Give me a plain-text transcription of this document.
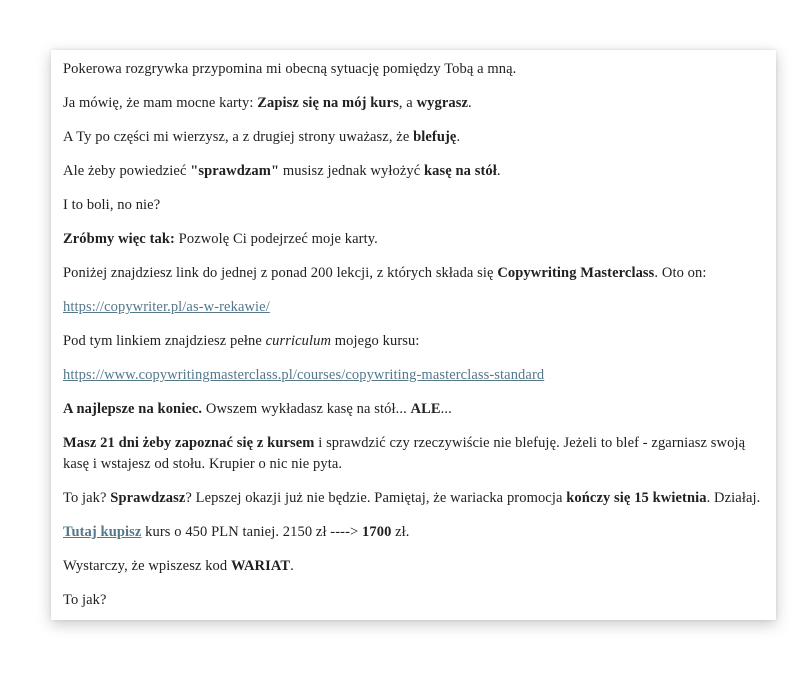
Pokerowa rozgrywka przypomina mi obecną sytuację pomiędzy Tobą a mną.

Ja mówię, że mam mocne karty: Zapisz się na mój kurs, a wygrasz.

A Ty po części mi wierzysz, a z drugiej strony uważasz, że blefuję.

Ale żeby powiedzieć "sprawdzam" musisz jednak wyłożyć kasę na stół.

I to boli, no nie?

Zróbmy więc tak: Pozwolę Ci podejrzeć moje karty.

Poniżej znajdziesz link do jednej z ponad 200 lekcji, z których składa się Copywriting Masterclass. Oto on:

https://copywriter.pl/as-w-rekawie/

Pod tym linkiem znajdziesz pełne curriculum mojego kursu:

https://www.copywritingmasterclass.pl/courses/copywriting-masterclass-standard

A najlepsze na koniec. Owszem wykładasz kasę na stół... ALE...

Masz 21 dni żeby zapoznać się z kursem i sprawdzić czy rzeczywiście nie blefuję. Jeżeli to blef - zgarniasz swoją kasę i wstajesz od stołu. Krupier o nic nie pyta.

To jak? Sprawdzasz? Lepszej okazji już nie będzie. Pamiętaj, że wariacka promocja kończy się 15 kwietnia. Działaj.

Tutaj kupisz kurs o 450 PLN taniej. 2150 zł ----> 1700 zł.

Wystarczy, że wpiszesz kod WARIAT.

To jak?
